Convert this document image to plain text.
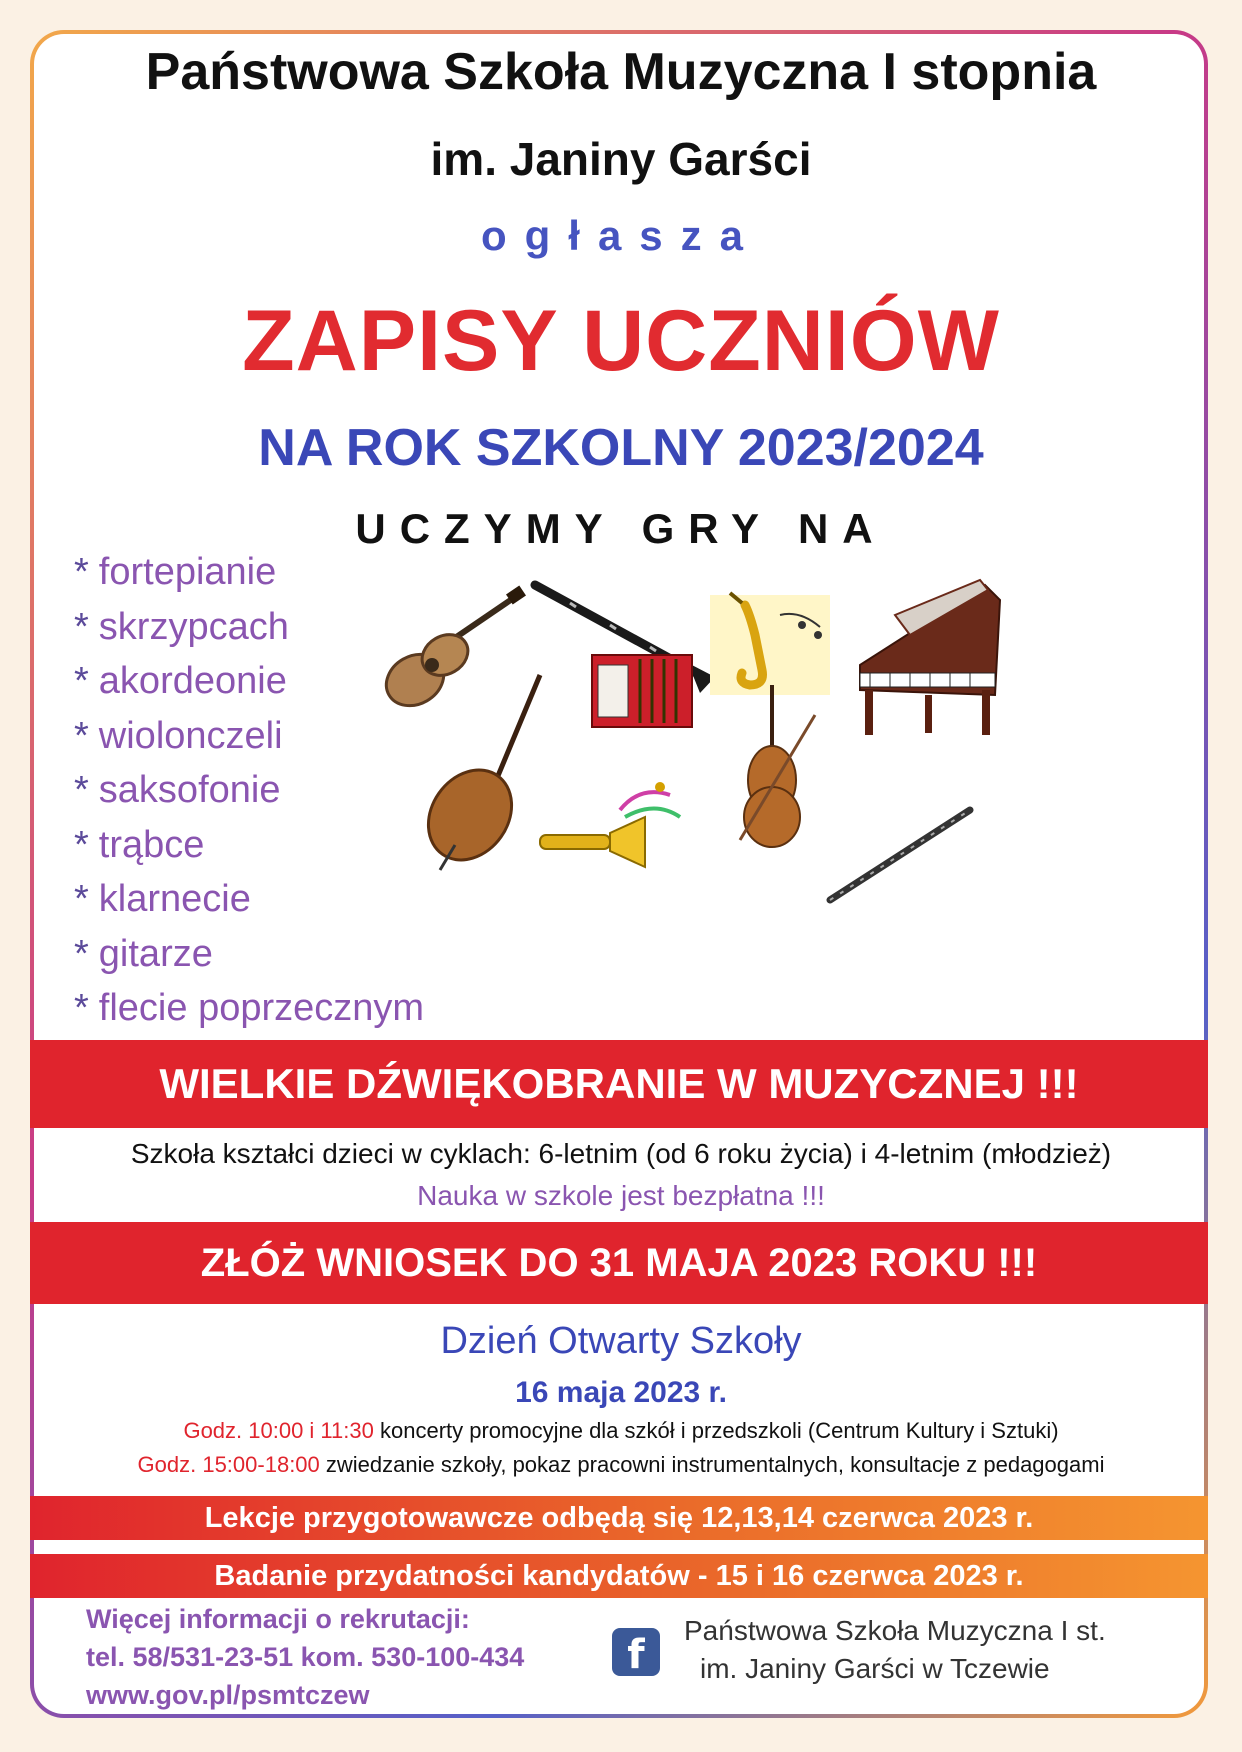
Państwowa Szkoła Muzyczna I stopnia
im. Janiny Garści
ogłasza
ZAPISY UCZNIÓW
NA ROK SZKOLNY 2023/2024
UCZYMY GRY NA
* fortepianie
* skrzypcach
* akordeonie
* wiolonczeli
* saksofonie
* trąbce
* klarnecie
* gitarze
* flecie poprzecznym
WIELKIE DŹWIĘKOBRANIE W MUZYCZNEJ !!!
Szkoła kształci dzieci w cyklach: 6-letnim (od 6 roku życia) i 4-letnim (młodzież)
Nauka w szkole jest bezpłatna !!!
ZŁÓŻ WNIOSEK DO 31 MAJA 2023 ROKU !!!
Dzień Otwarty Szkoły
16 maja 2023 r.
Godz. 10:00 i 11:30 koncerty promocyjne dla szkół i przedszkoli (Centrum Kultury i Sztuki)
Godz. 15:00-18:00 zwiedzanie szkoły, pokaz pracowni instrumentalnych, konsultacje z pedagogami
Lekcje przygotowawcze odbędą się 12,13,14 czerwca 2023 r.
Badanie przydatności kandydatów - 15 i 16 czerwca 2023 r.
Więcej informacji o rekrutacji:
tel. 58/531-23-51 kom. 530-100-434
www.gov.pl/psmtczew
f
Państwowa Szkoła Muzyczna I st.
im. Janiny Garści w Tczewie
